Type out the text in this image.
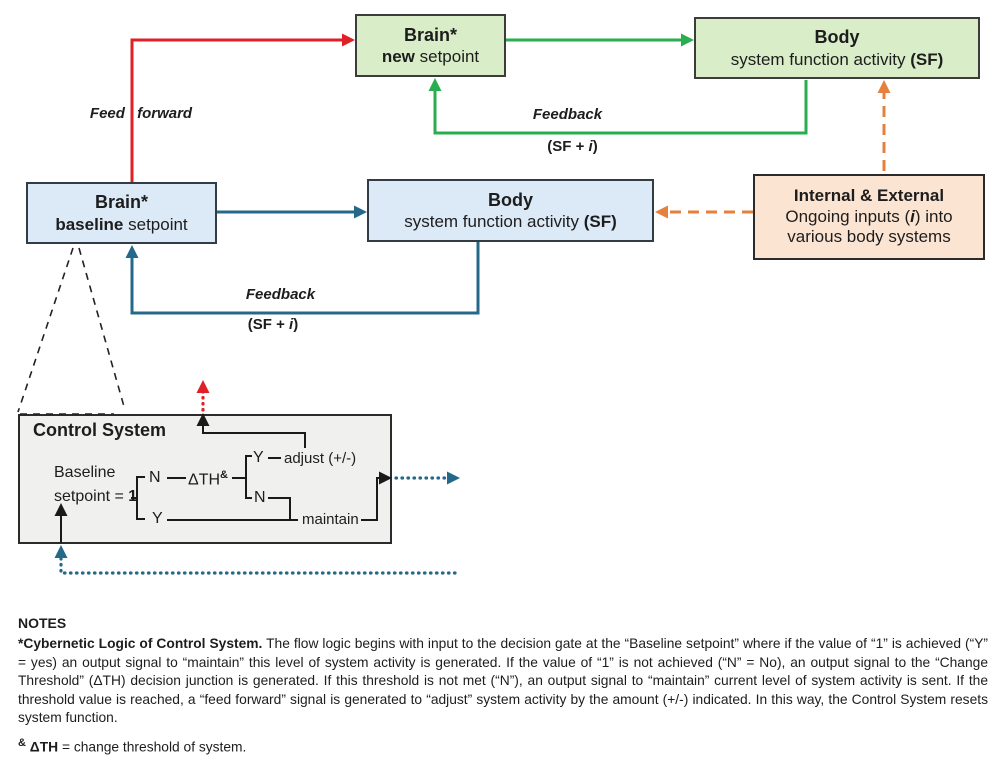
Brain*
new setpoint
Body
system function activity (SF)
Brain*
baseline setpoint
Body
system function activity (SF)
Internal & External
Ongoing inputs (i) into
various body systems
Feed forward	Feedback
(SF + i)
Feedback
(SF + i)
Control System
Baseline
setpoint = 1
N ΔTH&
Y adjust (+/-)
N
Y	maintain
NOTES
*Cybernetic Logic of Control System. The flow logic begins with input to the decision gate at the “Baseline setpoint” where if the value of “1” is achieved (“Y” = yes) an output signal to “maintain” this level of system activity is generated. If the value of “1” is not achieved (“N” = No), an output signal to the “Change Threshold” (ΔTH) decision junction is generated. If this threshold is not met (“N”), an output signal to “maintain” current level of system activity is sent. If the threshold value is reached, a “feed forward” signal is generated to “adjust” system activity by the amount (+/-) indicated. In this way, the Control System resets system function.
& ΔTH = change threshold of system.
